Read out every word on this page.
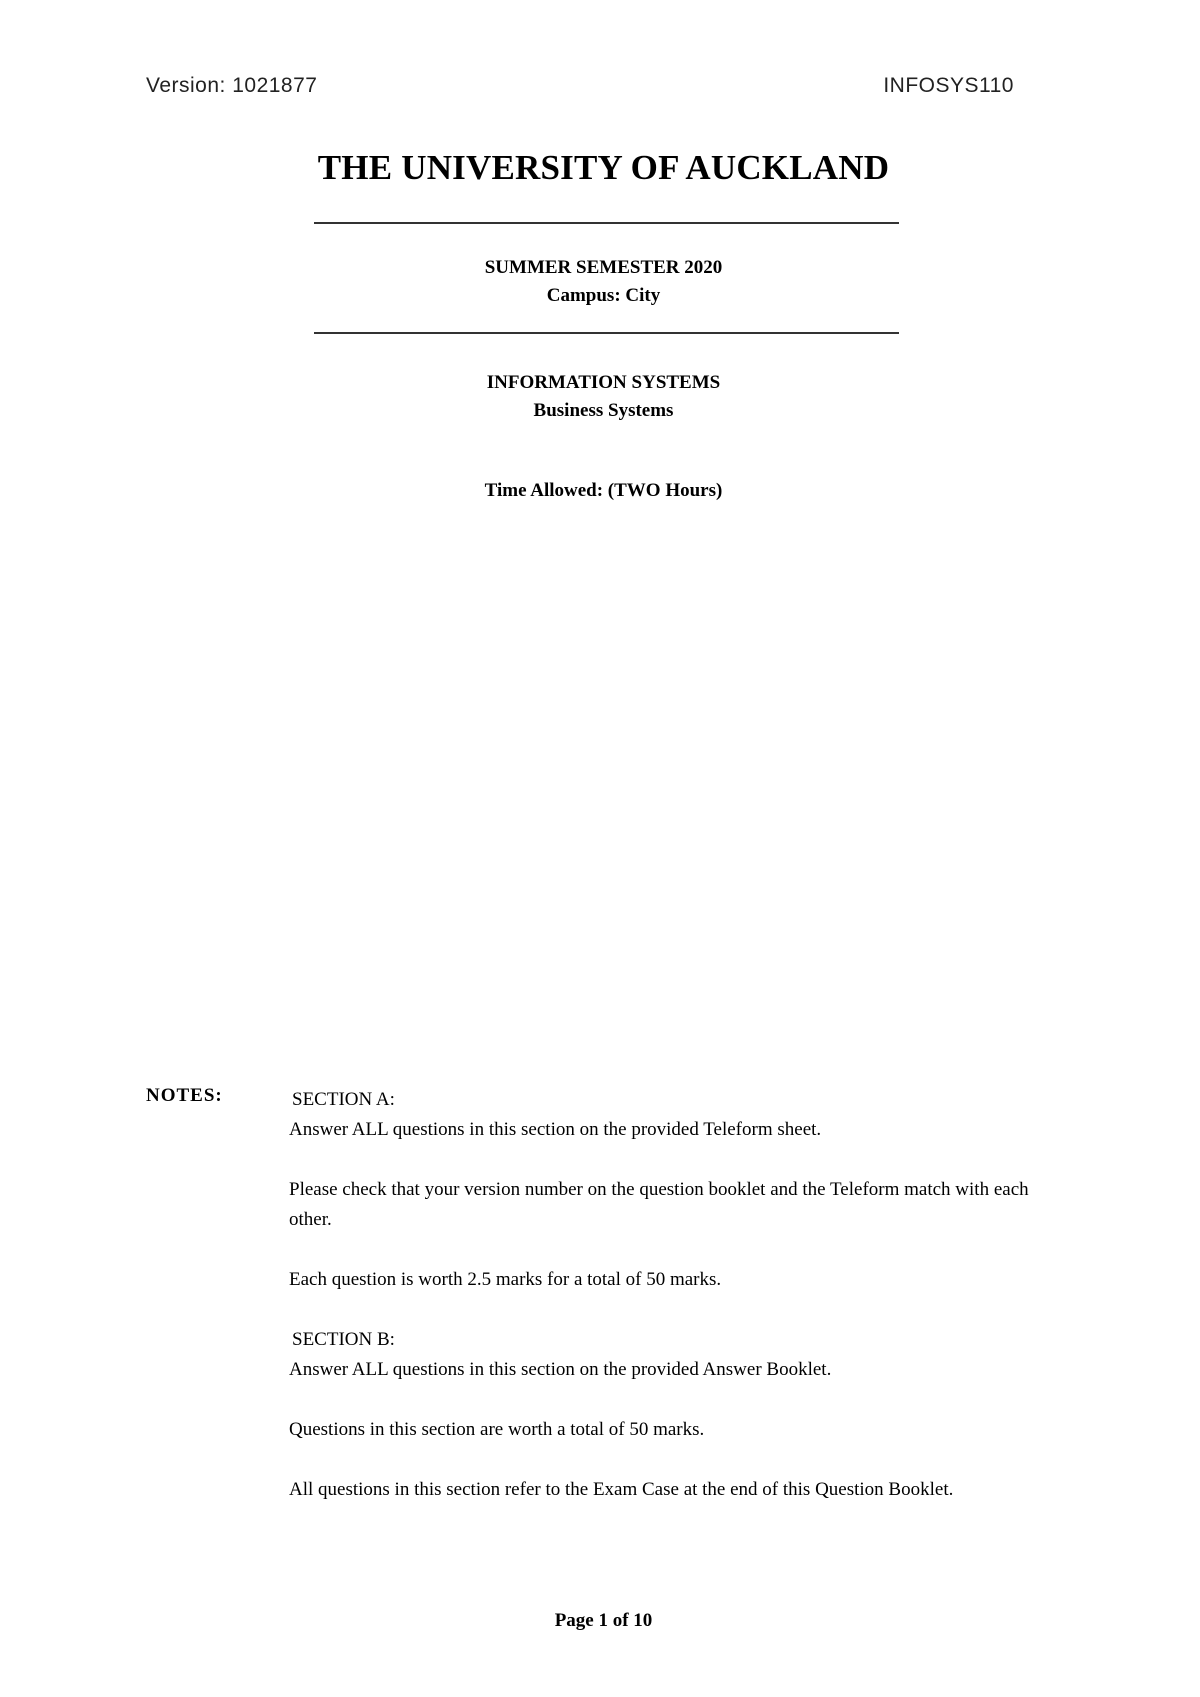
Version: 1021877	INFOSYS110
THE UNIVERSITY OF AUCKLAND
SUMMER SEMESTER 2020
Campus: City
INFORMATION SYSTEMS
Business Systems
Time Allowed: (TWO Hours)
NOTES:	SECTION A:

Answer ALL questions in this section on the provided Teleform sheet.

Please check that your version number on the question booklet and the Teleform match with each other.

Each question is worth 2.5 marks for a total of 50 marks.

SECTION B:

Answer ALL questions in this section on the provided Answer Booklet.

Questions in this section are worth a total of 50 marks.

All questions in this section refer to the Exam Case at the end of this Question Booklet.

Page 1 of 10
